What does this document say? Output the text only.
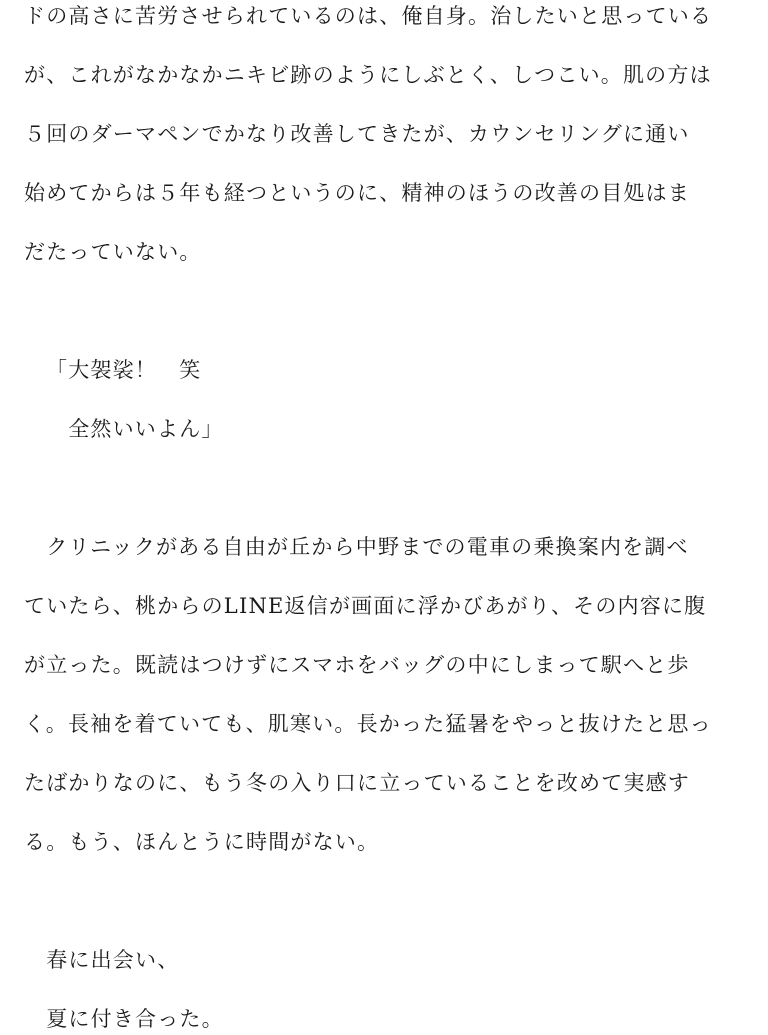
ドの高さに苦労させられているのは、俺自身。治したいと思っている
が、これがなかなかニキビ跡のようにしぶとく、しつこい。肌の方は
５回のダーマペンでかなり改善してきたが、カウンセリングに通い
始めてからは５年も経つというのに、精神のほうの改善の目処はま
だたっていない。
「大袈裟！　笑
　全然いいよん」
　クリニックがある自由が丘から中野までの電車の乗換案内を調べ
ていたら、桃からのLINE返信が画面に浮かびあがり、その内容に腹
が立った。既読はつけずにスマホをバッグの中にしまって駅へと歩
く。長袖を着ていても、肌寒い。長かった猛暑をやっと抜けたと思っ
たばかりなのに、もう冬の入り口に立っていることを改めて実感す
る。もう、ほんとうに時間がない。
　春に出会い、
　夏に付き合った。
